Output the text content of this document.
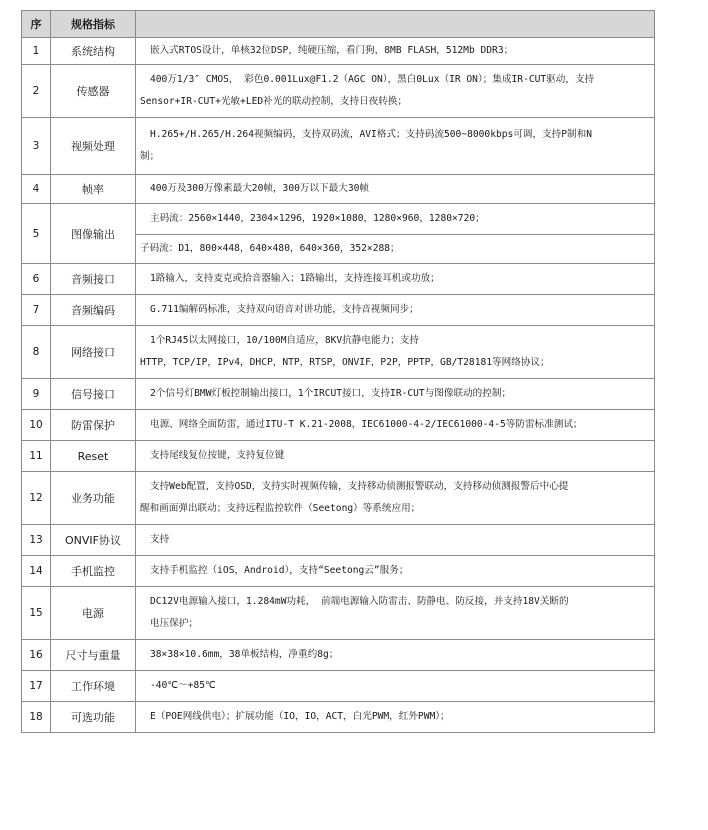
序	规格指标	
1	系统结构	嵌入式RTOS设计，单核32位DSP，纯硬压缩，看门狗，8MB FLASH，512Mb DDR3；

2	传感器	400万1/3″ CMOS， 彩色0.001Lux@F1.2（AGC ON），黑白0Lux（IR ON）；集成IR-CUT驱动，支持
Sensor+IR-CUT+光敏+LED补光的联动控制，支持日夜转换；

3	视频处理	H.265+/H.265/H.264视频编码，支持双码流，AVI格式；支持码流500~8000kbps可调，支持P制和N
制；

4	帧率	400万及300万像素最大20帧，300万以下最大30帧

5	图像输出	主码流：2560×1440，2304×1296，1920×1080，1280×960，1280×720；

		子码流：D1，800×448，640×480，640×360，352×288；

6	音频接口	1路输入，支持麦克或拾音器输入；1路输出，支持连接耳机或功放；

7	音频编码	G.711编解码标准，支持双向语音对讲功能，支持音视频同步；

8	网络接口	1个RJ45以太网接口，10/100M自适应，8KV抗静电能力；支持
HTTP，TCP/IP，IPv4，DHCP，NTP，RTSP，ONVIF，P2P，PPTP，GB/T28181等网络协议；

9	信号接口	2个信号灯BMW灯板控制输出接口，1个IRCUT接口，支持IR-CUT与图像联动的控制；

10	防雷保护	电源、网络全面防雷，通过ITU-T K.21-2008，IEC61000-4-2/IEC61000-4-5等防雷标准测试；

11	Reset	支持尾线复位按键，支持复位键

12	业务功能	支持Web配置，支持OSD，支持实时视频传输，支持移动侦测报警联动，支持移动侦测报警后中心提
醒和画面弹出联动；支持远程监控软件（Seetong）等系统应用；

13	ONVIF协议	支持

14	手机监控	支持手机监控（iOS，Android），支持“Seetong云”服务；

15	电源	DC12V电源输入接口，1.284mW功耗， 前端电源输入防雷击、防静电、防反接，并支持18V关断的
电压保护；

16	尺寸与重量	38×38×10.6mm，38单板结构，净重约8g；

17	工作环境	-40℃～+85℃

18	可选功能	E（POE网线供电）；扩展功能（IO，IO，ACT，白光PWM，红外PWM）；
